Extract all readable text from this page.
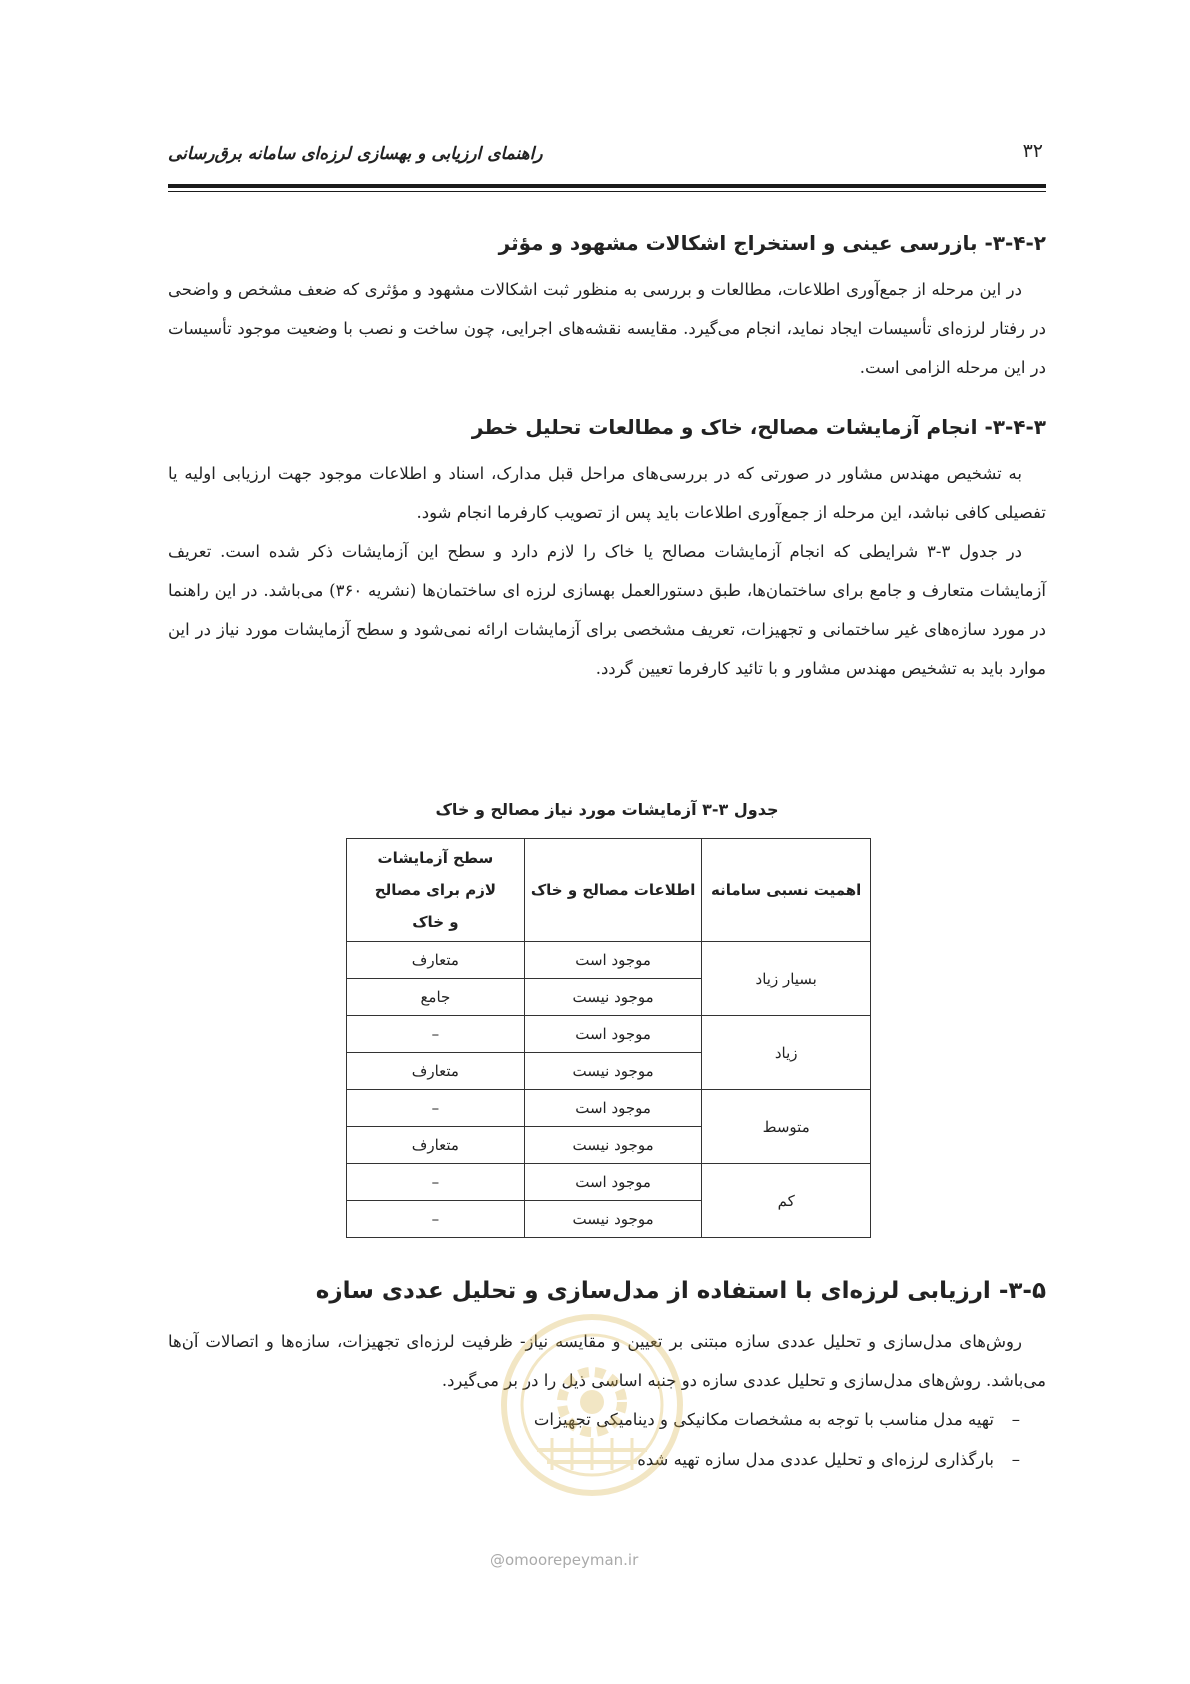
۳۲
راهنمای ارزیابی و بهسازی لرزه‌ای سامانه برق‌رسانی
۳-۴-۲- بازرسی عینی و استخراج اشکالات مشهود و مؤثر

در این مرحله از جمع‌آوری اطلاعات، مطالعات و بررسی به منظور ثبت اشکالات مشهود و مؤثری که ضعف مشخص و واضحی در رفتار لرزه‌ای تأسیسات ایجاد نماید، انجام می‌گیرد. مقایسه نقشه‌های اجرایی، چون ساخت و نصب با وضعیت موجود تأسیسات در این مرحله الزامی است.

۳-۴-۳- انجام آزمایشات مصالح، خاک و مطالعات تحلیل خطر

به تشخیص مهندس مشاور در صورتی که در بررسی‌های مراحل قبل مدارک، اسناد و اطلاعات موجود جهت ارزیابی اولیه یا تفصیلی کافی نباشد، این مرحله از جمع‌آوری اطلاعات باید پس از تصویب کارفرما انجام شود.

در جدول ۳-۳ شرایطی که انجام آزمایشات مصالح یا خاک را لازم دارد و سطح این آزمایشات ذکر شده است. تعریف آزمایشات متعارف و جامع برای ساختمان‌ها، طبق دستورالعمل بهسازی لرزه ای ساختمان‌ها (نشریه ۳۶۰) می‌باشد. در این راهنما در مورد سازه‌های غیر ساختمانی و تجهیزات، تعریف مشخصی برای آزمایشات ارائه نمی‌شود و سطح آزمایشات مورد نیاز در این موارد باید به تشخیص مهندس مشاور و با تائید کارفرما تعیین گردد.

جدول ۳-۳ آزمایشات مورد نیاز مصالح و خاک
اهمیت نسبی سامانه	اطلاعات مصالح و خاک	سطح آزمایشات لازم برای مصالح و خاک
بسیار زیاد	موجود است	متعارف
	موجود نیست	جامع
زیاد	موجود است	–
	موجود نیست	متعارف
متوسط	موجود است	–
	موجود نیست	متعارف
کم	موجود است	–
	موجود نیست	–
۳-۵- ارزیابی لرزه‌ای با استفاده از مدل‌سازی و تحلیل عددی سازه

روش‌های مدل‌سازی و تحلیل عددی سازه مبتنی بر تعیین و مقایسه نیاز- ظرفیت لرزه‌ای تجهیزات، سازه‌ها و اتصالات آن‌ها می‌باشد. روش‌های مدل‌سازی و تحلیل عددی سازه دو جنبه اساسی ذیل را در بر می‌گیرد.

–
تهیه مدل مناسب با توجه به مشخصات مکانیکی و دینامیکی تجهیزات
–
بارگذاری لرزه‌ای و تحلیل عددی مدل سازه تهیه شده
@omoorepeyman.ir
